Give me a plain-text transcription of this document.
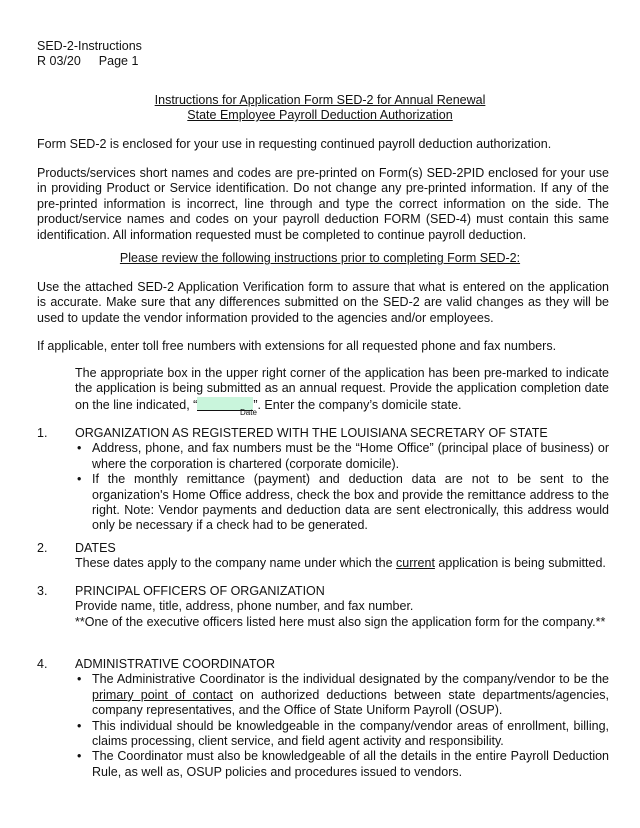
SED-2-Instructions
R 03/20 Page 1
Instructions for Application Form SED-2 for Annual Renewal
State Employee Payroll Deduction Authorization

Form SED-2 is enclosed for your use in requesting continued payroll deduction authorization.

Products/services short names and codes are pre-printed on Form(s) SED-2PID enclosed for your use in providing Product or Service identification. Do not change any pre-printed information. If any of the pre-printed information is incorrect, line through and type the correct information on the side. The product/service names and codes on your payroll deduction FORM (SED-4) must contain this same identification. All information requested must be completed to continue payroll deduction.

Please review the following instructions prior to completing Form SED-2:

Use the attached SED-2 Application Verification form to assure that what is entered on the application is accurate. Make sure that any differences submitted on the SED-2 are valid changes as they will be used to update the vendor information provided to the agencies and/or employees.

If applicable, enter toll free numbers with extensions for all requested phone and fax numbers.

The appropriate box in the upper right corner of the application has been pre-marked to indicate the application is being submitted as an annual request. Provide the application completion date on the line indicated, “	”. Enter the company’s domicile state.

Date
1. ORGANIZATION AS REGISTERED WITH THE LOUISIANA SECRETARY OF STATE
• Address, phone, and fax numbers must be the “Home Office” (principal place of business) or where the corporation is chartered (corporate domicile).
• If the monthly remittance (payment) and deduction data are not to be sent to the organization's Home Office address, check the box and provide the remittance address to the right. Note: Vendor payments and deduction data are sent electronically, this address would only be necessary if a check had to be generated.
2. DATES
These dates apply to the company name under which the current application is being submitted.
3. PRINCIPAL OFFICERS OF ORGANIZATION
Provide name, title, address, phone number, and fax number.
**One of the executive officers listed here must also sign the application form for the company.**
4. ADMINISTRATIVE COORDINATOR
• The Administrative Coordinator is the individual designated by the company/vendor to be the primary point of contact on authorized deductions between state departments/agencies, company representatives, and the Office of State Uniform Payroll (OSUP).
• This individual should be knowledgeable in the company/vendor areas of enrollment, billing, claims processing, client service, and field agent activity and responsibility.
• The Coordinator must also be knowledgeable of all the details in the entire Payroll Deduction Rule, as well as, OSUP policies and procedures issued to vendors.
